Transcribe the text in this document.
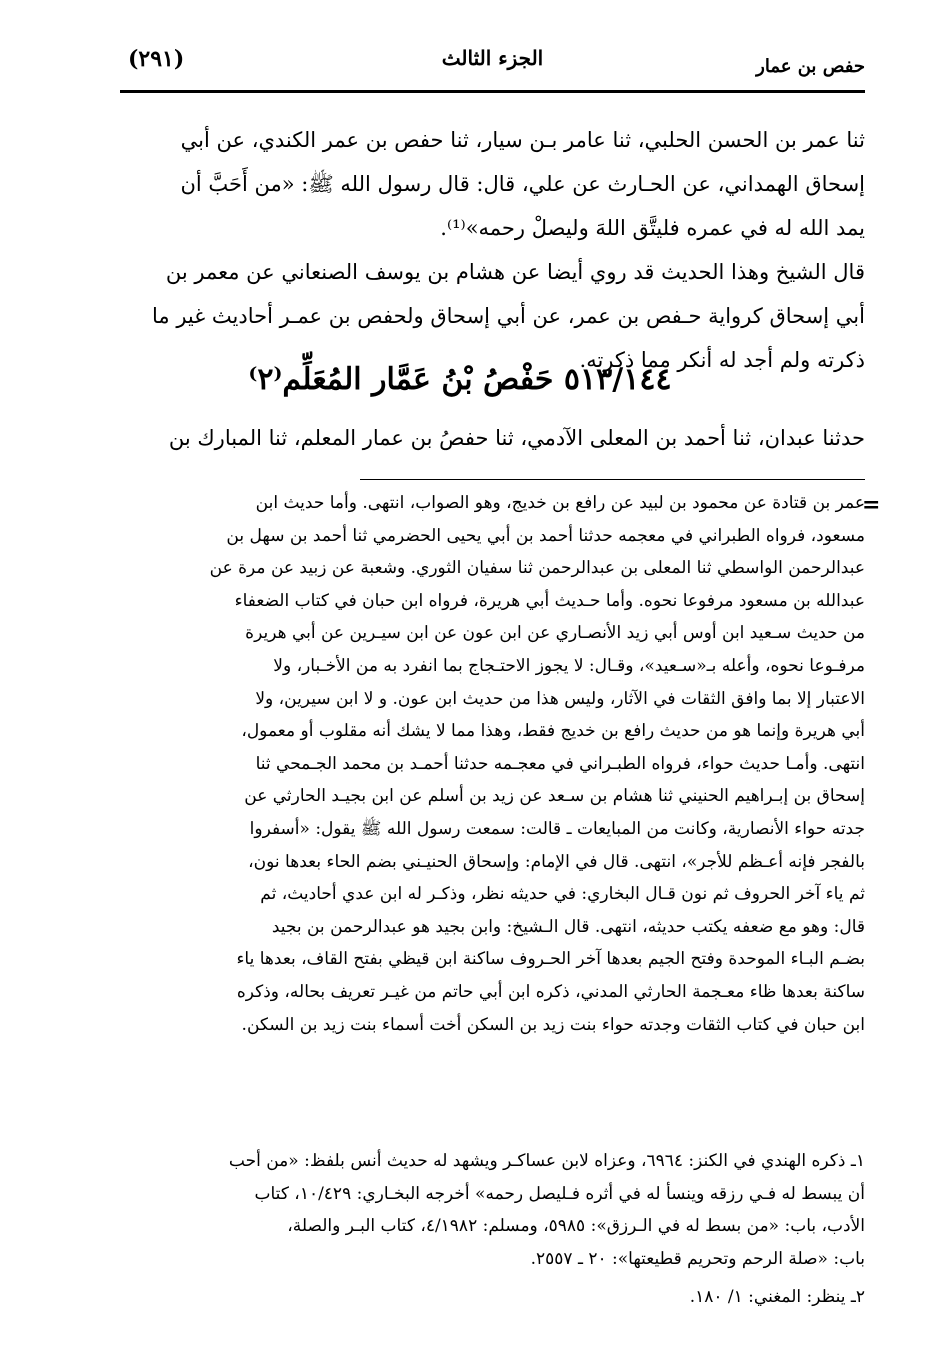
(٢٩١)	الجزء الثالث	حفص بن عمار

ثنا عمر بن الحسن الحلبي، ثنا عامر بـن سيار، ثنا حفص بن عمر الكندي، عن أبي

إسحاق الهمداني، عن الحـارث عن علي، قال: قال رسول الله ﷺ: «من أَحَبَّ أن

يمد الله له في عمره فليتَّق اللهَ وليصلْ رحمه»⁽¹⁾.

قال الشيخ وهذا الحديث قد روي أيضا عن هشام بن يوسف الصنعاني عن معمر بن

أبي إسحاق كرواية حـفص بن عمر، عن أبي إسحاق ولحفص بن عمـر أحاديث غير ما

ذكرته ولم أجد له أنكر مما ذكرته.

٥١٣/١٤٤ حَفْصُ بْنُ عَمَّار المُعَلِّم⁽٢⁾

حدثنا عبدان، ثنا أحمد بن المعلى الآدمي، ثنا حفصُ بن عمار المعلم، ثنا المبارك بن

=

عمر بن قتادة عن محمود بن لبيد عن رافع بن خديج، وهو الصواب، انتهى. وأما حديث ابن

مسعود، فرواه الطبراني في معجمه حدثنا أحمد بن أبي يحيى الحضرمي ثنا أحمد بن سهل بن

عبدالرحمن الواسطي ثنا المعلى بن عبدالرحمن ثنا سفيان الثوري. وشعبة عن زبيد عن مرة عن

عبدالله بن مسعود مرفوعا نحوه. وأما حـديث أبي هريرة، فرواه ابن حبان في كتاب الضعفاء

من حديث سـعيد ابن أوس أبي زيد الأنصـاري عن ابن عون عن ابن سيـرين عن أبي هريرة

مرفـوعا نحوه، وأعله بـ«سـعيد»، وقـال: لا يجوز الاحتـجاج بما انفرد به من الأخـبار، ولا

الاعتبار إلا بما وافق الثقات في الآثار، وليس هذا من حديث ابن عون. و لا ابن سيرين، ولا

أبي هريرة وإنما هو من حديث رافع بن خديج فقط، وهذا مما لا يشك أنه مقلوب أو معمول،

انتهى. وأمـا حديث حواء، فرواه الطبـراني في معجـمه حدثنا أحمـد بن محمد الجـمحي ثنا

إسحاق بن إبـراهيم الحنيني ثنا هشام بن سـعد عن زيد بن أسلم عن ابن بجيـد الحارثي عن

جدته حواء الأنصارية، وكانت من المبايعات ـ قالت: سمعت رسول الله ﷺ يقول: «أسفروا

بالفجر فإنه أعـظم للأجر»، انتهى. قال في الإمام: وإسحاق الحنيـني بضم الحاء بعدها نون،

ثم ياء آخر الحروف ثم نون قـال البخاري: في حديثه نظر، وذكـر له ابن عدي أحاديث، ثم

قال: وهو مع ضعفه يكتب حديثه، انتهى. قال الـشيخ: وابن بجيد هو عبدالرحمن بن بجيد

بضـم البـاء الموحدة وفتح الجيم بعدها آخر الحـروف ساكنة ابن قيظي بفتح القاف، بعدها ياء

ساكنة بعدها ظاء معـجمة الحارثي المدني، ذكره ابن أبي حاتم من غيـر تعريف بحاله، وذكره

ابن حبان في كتاب الثقات وجدته حواء بنت زيد بن السكن أخت أسماء بنت زيد بن السكن.

١ـ ذكره الهندي في الكنز: ٦٩٦٤، وعزاه لابن عساكـر ويشهد له حديث أنس بلفظ: «من أحب

أن يبسط له فـي رزقه وينسأ له في أثره فـليصل رحمه» أخرجه البخـاري: ١٠/٤٢٩، كتاب

الأدب، باب: «من بسط له في الـرزق»: ٥٩٨٥، ومسلم: ٤/١٩٨٢، كتاب البـر والصلة،

باب: «صلة الرحم وتحريم قطيعتها»: ٢٠ ـ ٢٥٥٧.

٢ـ ينظر: المغني: ١/ ١٨٠.
